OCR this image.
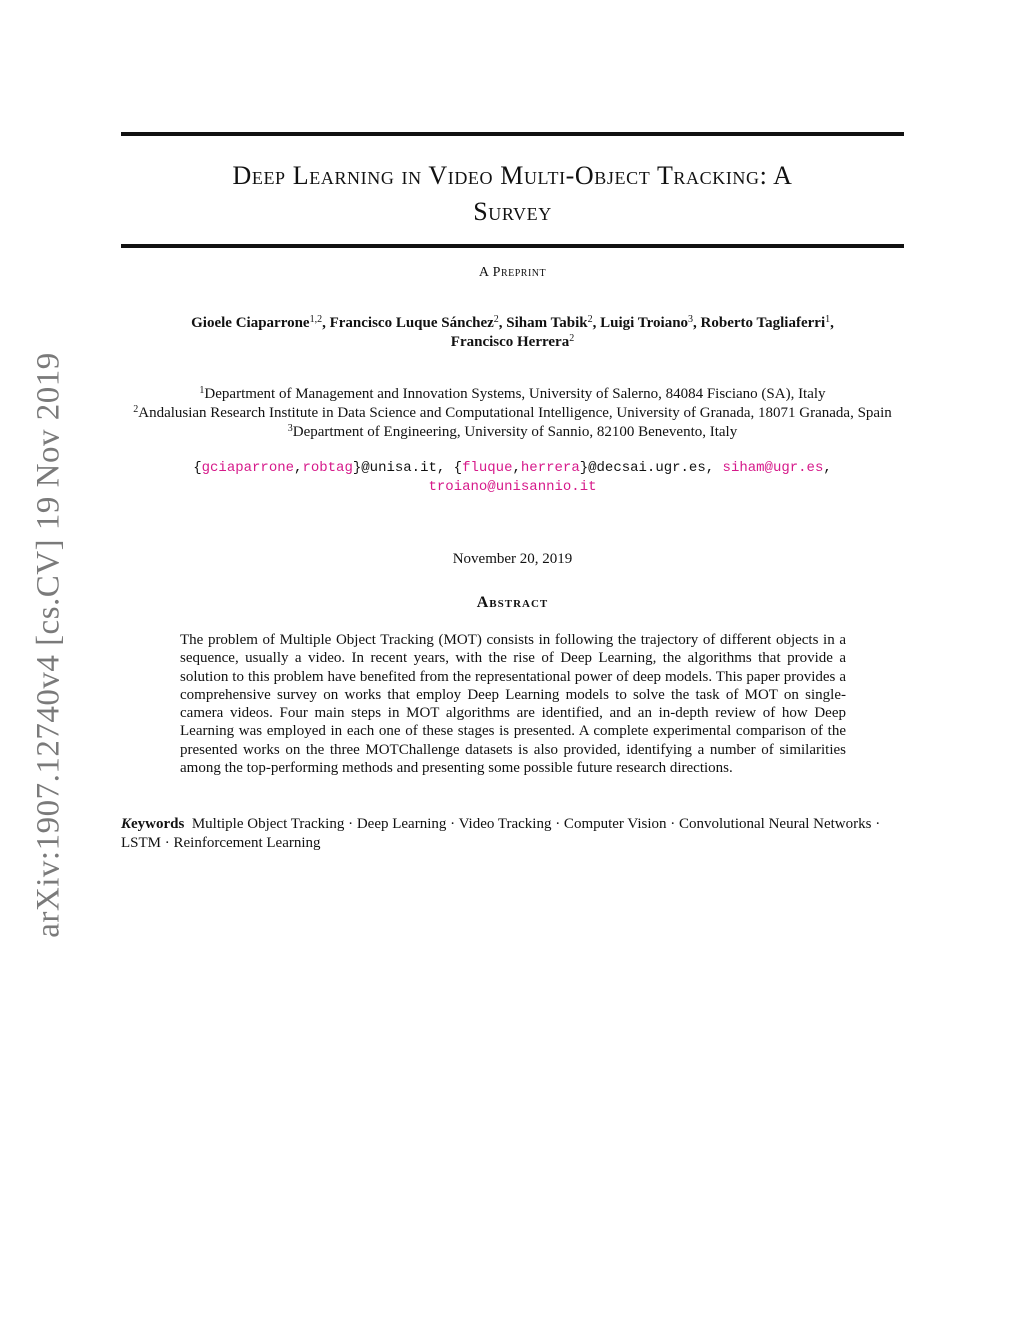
arXiv:1907.12740v4 [cs.CV] 19 Nov 2019
Deep Learning in Video Multi-Object Tracking: A
Survey
A Preprint
Gioele Ciaparrone$^{1,2}$, Francisco Luque Sánchez$^2$, Siham Tabik$^2$, Luigi Troiano$^3$, Roberto Tagliaferri$^1$,
Francisco Herrera$^2$
$^1$Department of Management and Innovation Systems, University of Salerno, 84084 Fisciano (SA), Italy
$^2$Andalusian Research Institute in Data Science and Computational Intelligence, University of Granada, 18071 Granada, Spain
$^3$Department of Engineering, University of Sannio, 82100 Benevento, Italy
{gciaparrone,robtag}@unisa.it, {fluque,herrera}@decsai.ugr.es, siham@ugr.es,
troiano@unisannio.it
November 20, 2019
Abstract
The problem of Multiple Object Tracking (MOT) consists in following the trajectory of different objects in a sequence, usually a video. In recent years, with the rise of Deep Learning, the algorithms that provide a solution to this problem have benefited from the representational power of deep models. This paper provides a comprehensive survey on works that employ Deep Learning models to solve the task of MOT on single-camera videos. Four main steps in MOT algorithms are identified, and an in-depth review of how Deep Learning was employed in each one of these stages is presented. A complete experimental comparison of the presented works on the three MOTChallenge datasets is also provided, identifying a number of similarities among the top-performing methods and presenting some possible future research directions.
Keywords Multiple Object Tracking · Deep Learning · Video Tracking · Computer Vision · Convolutional Neural Networks · LSTM · Reinforcement Learning
